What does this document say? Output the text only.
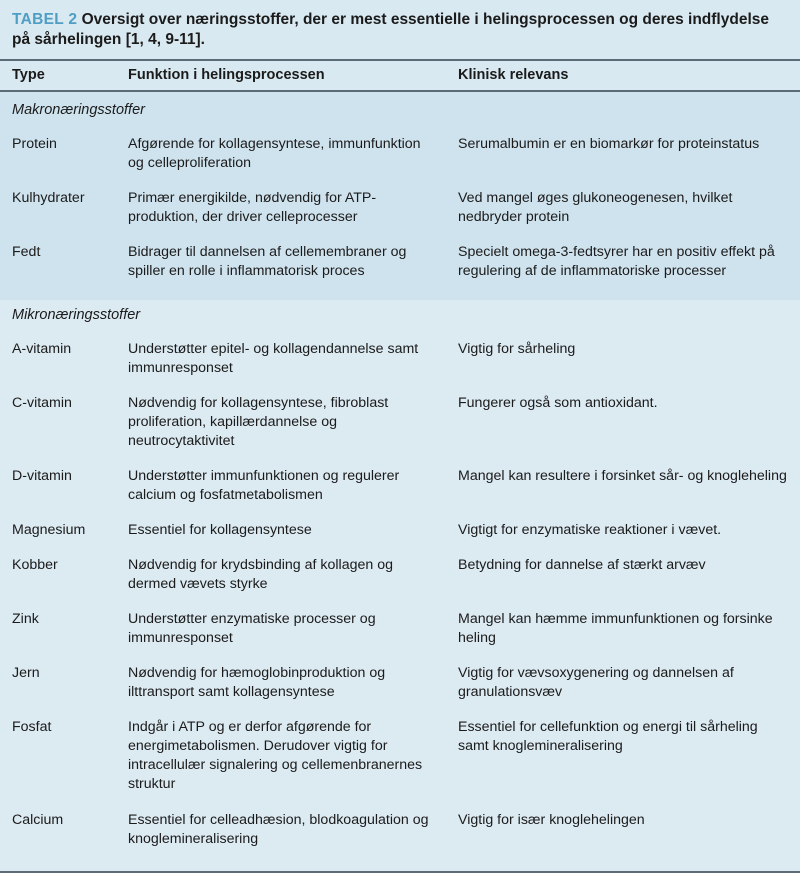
TABEL 2 Oversigt over næringsstoffer, der er mest essentielle i helingsprocessen og deres indflydelse på sårhelingen [1, 4, 9-11].
Type	Funktion i helingsprocessen	Klinisk relevans

Makronæringsstoffer		
Protein	Afgørende for kollagensyntese, immunfunktion og celleproliferation	Serumalbumin er en biomarkør for proteinstatus
Kulhydrater	Primær energikilde, nødvendig for ATP-produktion, der driver celleprocesser	Ved mangel øges glukoneogenesen, hvilket nedbryder protein
Fedt	Bidrager til dannelsen af cellemembraner og spiller en rolle i inflammatorisk proces	Specielt omega-3-fedtsyrer har en positiv effekt på regulering af de inflammatoriske processer

Mikronæringsstoffer		
A-vitamin	Understøtter epitel- og kollagendannelse samt immunresponset	Vigtig for sårheling
C-vitamin	Nødvendig for kollagensyntese, fibroblast proliferation, kapillærdannelse og neutrocytaktivitet	Fungerer også som antioxidant.
D-vitamin	Understøtter immunfunktionen og regulerer calcium og fosfatmetabolismen	Mangel kan resultere i forsinket sår- og knogleheling
Magnesium	Essentiel for kollagensyntese	Vigtigt for enzymatiske reaktioner i vævet.
Kobber	Nødvendig for krydsbinding af kollagen og dermed vævets styrke	Betydning for dannelse af stærkt arvæv
Zink	Understøtter enzymatiske processer og immunresponset	Mangel kan hæmme immunfunktionen og forsinke heling
Jern	Nødvendig for hæmoglobinproduktion og ilttransport samt kollagensyntese	Vigtig for vævsoxygenering og dannelsen af granulationsvæv
Fosfat	Indgår i ATP og er derfor afgørende for energimetabolismen. Derudover vigtig for intracellulær signalering og cellemenbranernes struktur	Essentiel for cellefunktion og energi til sårheling samt knoglemineralisering
Calcium	Essentiel for celleadhæsion, blodkoagulation og knoglemineralisering	Vigtig for især knoglehelingen
